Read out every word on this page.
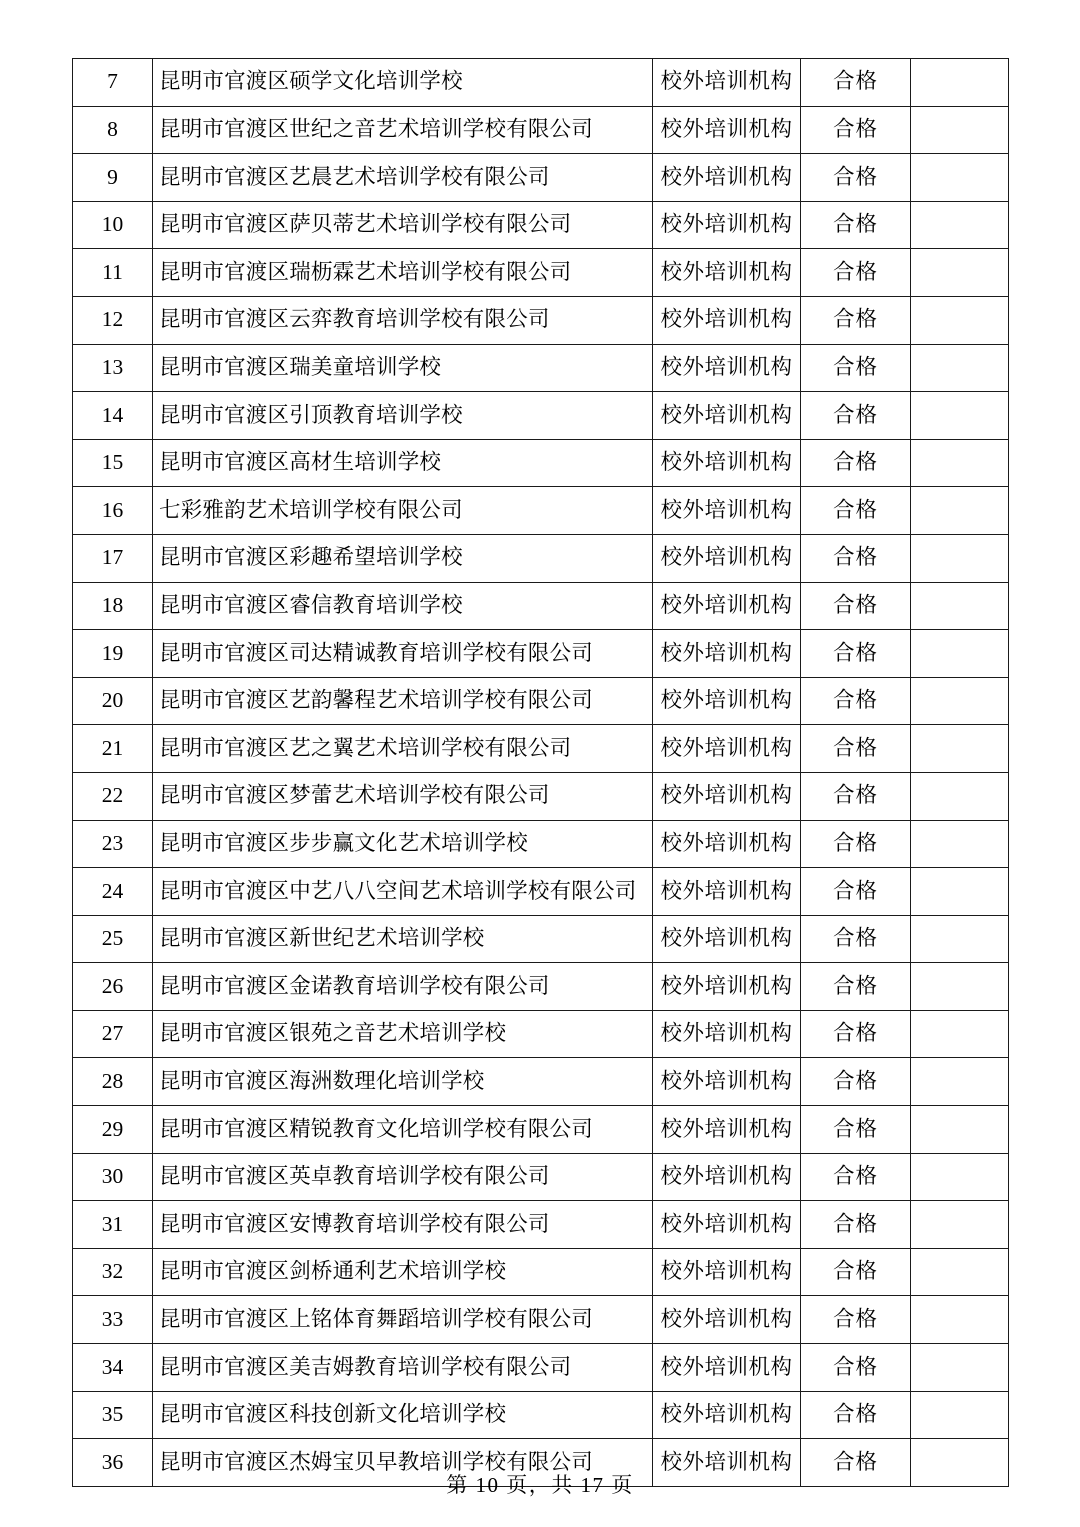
7	昆明市官渡区硕学文化培训学校	校外培训机构	合格	
8	昆明市官渡区世纪之音艺术培训学校有限公司	校外培训机构	合格	
9	昆明市官渡区艺晨艺术培训学校有限公司	校外培训机构	合格	
10	昆明市官渡区萨贝蒂艺术培训学校有限公司	校外培训机构	合格	
11	昆明市官渡区瑞枥霖艺术培训学校有限公司	校外培训机构	合格	
12	昆明市官渡区云弈教育培训学校有限公司	校外培训机构	合格	
13	昆明市官渡区瑞美童培训学校	校外培训机构	合格	
14	昆明市官渡区引顶教育培训学校	校外培训机构	合格	
15	昆明市官渡区高材生培训学校	校外培训机构	合格	
16	七彩雅韵艺术培训学校有限公司	校外培训机构	合格	
17	昆明市官渡区彩趣希望培训学校	校外培训机构	合格	
18	昆明市官渡区睿信教育培训学校	校外培训机构	合格	
19	昆明市官渡区司达精诚教育培训学校有限公司	校外培训机构	合格	
20	昆明市官渡区艺韵馨程艺术培训学校有限公司	校外培训机构	合格	
21	昆明市官渡区艺之翼艺术培训学校有限公司	校外培训机构	合格	
22	昆明市官渡区梦蕾艺术培训学校有限公司	校外培训机构	合格	
23	昆明市官渡区步步赢文化艺术培训学校	校外培训机构	合格	
24	昆明市官渡区中艺八八空间艺术培训学校有限公司	校外培训机构	合格	
25	昆明市官渡区新世纪艺术培训学校	校外培训机构	合格	
26	昆明市官渡区金诺教育培训学校有限公司	校外培训机构	合格	
27	昆明市官渡区银苑之音艺术培训学校	校外培训机构	合格	
28	昆明市官渡区海洲数理化培训学校	校外培训机构	合格	
29	昆明市官渡区精锐教育文化培训学校有限公司	校外培训机构	合格	
30	昆明市官渡区英卓教育培训学校有限公司	校外培训机构	合格	
31	昆明市官渡区安博教育培训学校有限公司	校外培训机构	合格	
32	昆明市官渡区剑桥通利艺术培训学校	校外培训机构	合格	
33	昆明市官渡区上铭体育舞蹈培训学校有限公司	校外培训机构	合格	
34	昆明市官渡区美吉姆教育培训学校有限公司	校外培训机构	合格	
35	昆明市官渡区科技创新文化培训学校	校外培训机构	合格	
36	昆明市官渡区杰姆宝贝早教培训学校有限公司	校外培训机构	合格	
第 10 页，共 17 页
